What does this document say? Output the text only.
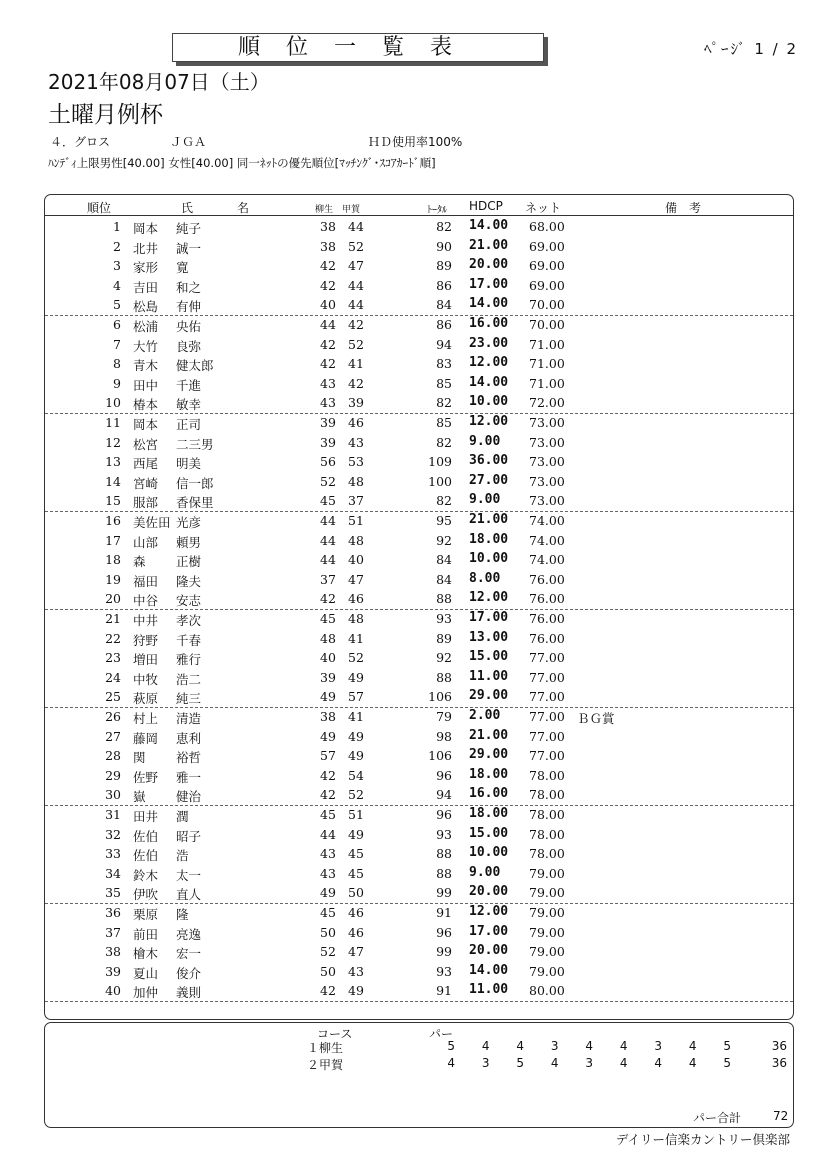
順位一覧表	ﾍﾟｰｼﾞ 1 / 2
2021年08月07日（土）
土曜月例杯
４．グロス	ＪＧＡ	ＨＤ使用率100%
ﾊﾝﾃﾞｨ上限男性[40.00] 女性[40.00] 同一ﾈｯﾄの優先順位[ﾏｯﾁﾝｸﾞ･ｽｺｱｶｰﾄﾞ順]
順位	氏	名	柳生 甲賀	ﾄｰﾀﾙ HDCP ネット	備　考
1 岡本 純子	38 44	82 14.00 68.00
2 北井 誠一	38 52	90 21.00 69.00
3 家形 寛	42 47	89 20.00 69.00
4 吉田 和之	42 44	86 17.00 69.00
5 松島 有伸	40 44	84 14.00 70.00
6 松浦 央佑	44 42	86 16.00 70.00
7 大竹 良弥	42 52	94 23.00 71.00
8 青木 健太郎	42 41	83 12.00 71.00
9 田中 千進	43 42	85 14.00 71.00
10 椿本 敏幸	43 39	82 10.00 72.00
11 岡本 正司	39 46	85 12.00 73.00
12 松宮 二三男	39 43	82 9.00 73.00
13 西尾 明美	56 53	109 36.00 73.00
14 宮崎 信一郎	52 48	100 27.00 73.00
15 服部 香保里	45 37	82 9.00 73.00
16 美佐田 光彦	44 51	95 21.00 74.00
17 山部 頼男	44 48	92 18.00 74.00
18 森 正樹	44 40	84 10.00 74.00
19 福田 隆夫	37 47	84 8.00 76.00
20 中谷 安志	42 46	88 12.00 76.00
21 中井 孝次	45 48	93 17.00 76.00
22 狩野 千春	48 41	89 13.00 76.00
23 増田 雅行	40 52	92 15.00 77.00
24 中牧 浩二	39 49	88 11.00 77.00
25 萩原 純三	49 57	106 29.00 77.00
26 村上 清造	38 41	79 2.00 77.00 ＢＧ賞
27 藤岡 恵利	49 49	98 21.00 77.00
28 関 裕哲	57 49	106 29.00 77.00
29 佐野 雅一	42 54	96 18.00 78.00
30 嶽 健治	42 52	94 16.00 78.00
31 田井 潤	45 51	96 18.00 78.00
32 佐伯 昭子	44 49	93 15.00 78.00
33 佐伯 浩	43 45	88 10.00 78.00
34 鈴木 太一	43 45	88 9.00 79.00
35 伊吹 直人	49 50	99 20.00 79.00
36 栗原 隆	45 46	91 12.00 79.00
37 前田 亮逸	50 46	96 17.00 79.00
38 檜木 宏一	52 47	99 20.00 79.00
39 夏山 俊介	50 43	93 14.00 79.00
40 加仲 義則	42 49	91 11.00 80.00
コース	パー
１柳生	5	4	4	3	4	4	3	4	5	36
２甲賀	4	3	5	4	3	4	4	4	5	36
パー合計	72
デイリー信楽カントリー倶楽部
